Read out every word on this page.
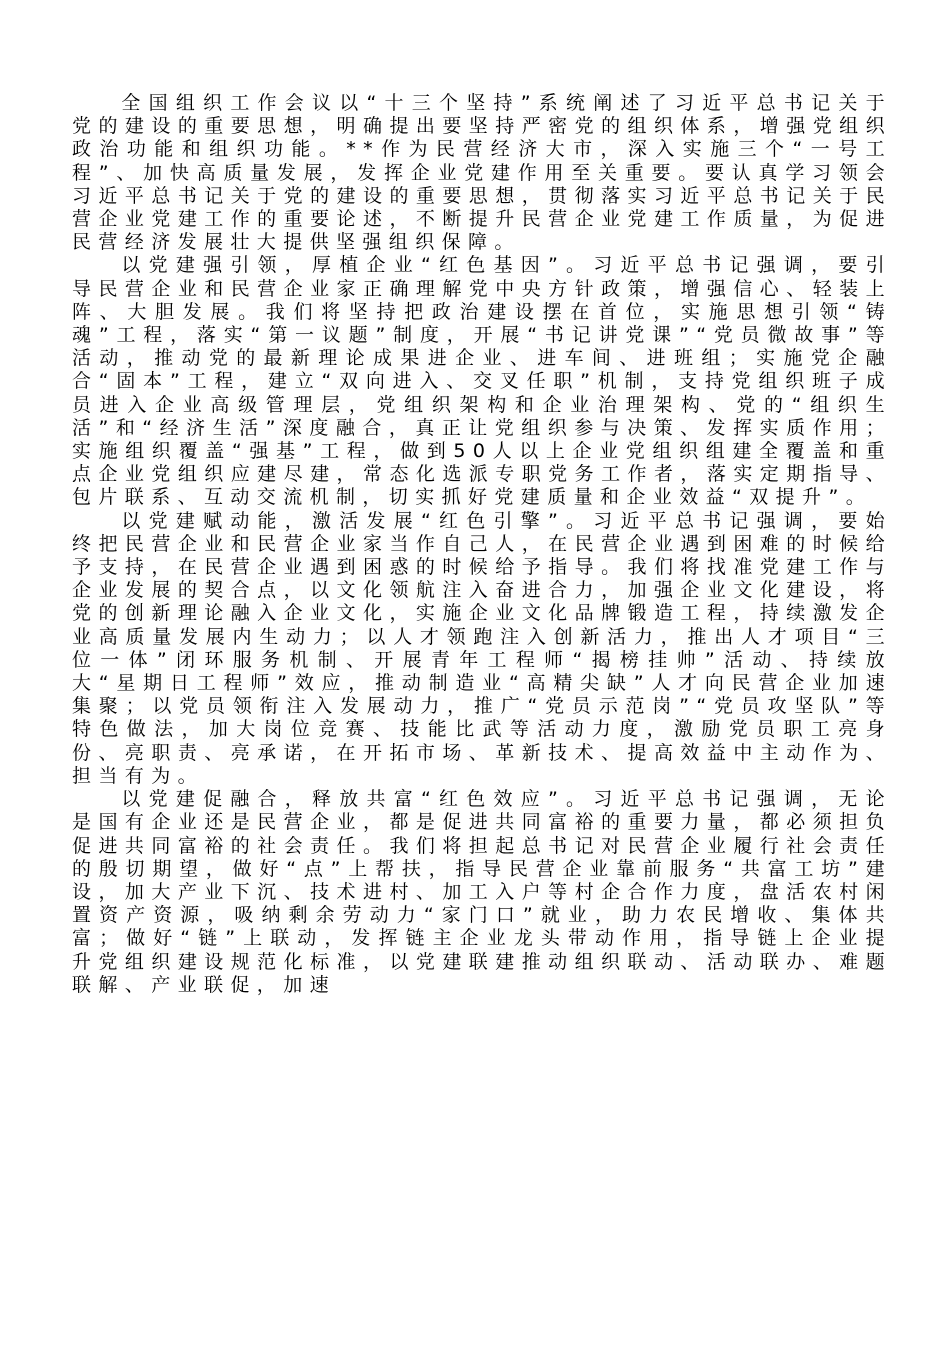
全国组织工作会议以“十三个坚持”系统阐述了习近平总书记关于党的建设的重要思想，明确提出要坚持严密党的组织体系，增强党组织政治功能和组织功能。**作为民营经济大市，深入实施三个“一号工程”、加快高质量发展，发挥企业党建作用至关重要。要认真学习领会习近平总书记关于党的建设的重要思想，贯彻落实习近平总书记关于民营企业党建工作的重要论述，不断提升民营企业党建工作质量，为促进民营经济发展壮大提供坚强组织保障。

以党建强引领，厚植企业“红色基因”。习近平总书记强调，要引导民营企业和民营企业家正确理解党中央方针政策，增强信心、轻装上阵、大胆发展。我们将坚持把政治建设摆在首位，实施思想引领“铸魂”工程，落实“第一议题”制度，开展“书记讲党课”“党员微故事”等活动，推动党的最新理论成果进企业、进车间、进班组；实施党企融合“固本”工程，建立“双向进入、交叉任职”机制，支持党组织班子成员进入企业高级管理层，党组织架构和企业治理架构、党的“组织生活”和“经济生活”深度融合，真正让党组织参与决策、发挥实质作用；实施组织覆盖“强基”工程，做到50人以上企业党组织组建全覆盖和重点企业党组织应建尽建，常态化选派专职党务工作者，落实定期指导、包片联系、互动交流机制，切实抓好党建质量和企业效益“双提升”。

以党建赋动能，激活发展“红色引擎”。习近平总书记强调，要始终把民营企业和民营企业家当作自己人，在民营企业遇到困难的时候给予支持，在民营企业遇到困惑的时候给予指导。我们将找准党建工作与企业发展的契合点，以文化领航注入奋进合力，加强企业文化建设，将党的创新理论融入企业文化，实施企业文化品牌锻造工程，持续激发企业高质量发展内生动力；以人才领跑注入创新活力，推出人才项目“三位一体”闭环服务机制、开展青年工程师“揭榜挂帅”活动、持续放大“星期日工程师”效应，推动制造业“高精尖缺”人才向民营企业加速集聚；以党员领衔注入发展动力，推广“党员示范岗”“党员攻坚队”等特色做法，加大岗位竞赛、技能比武等活动力度，激励党员职工亮身份、亮职责、亮承诺，在开拓市场、革新技术、提高效益中主动作为、担当有为。

以党建促融合，释放共富“红色效应”。习近平总书记强调，无论是国有企业还是民营企业，都是促进共同富裕的重要力量，都必须担负促进共同富裕的社会责任。我们将担起总书记对民营企业履行社会责任的殷切期望，做好“点”上帮扶，指导民营企业靠前服务“共富工坊”建设，加大产业下沉、技术进村、加工入户等村企合作力度，盘活农村闲置资产资源，吸纳剩余劳动力“家门口”就业，助力农民增收、集体共富；做好“链”上联动，发挥链主企业龙头带动作用，指导链上企业提升党组织建设规范化标准，以党建联建推动组织联动、活动联办、难题联解、产业联促，加速
